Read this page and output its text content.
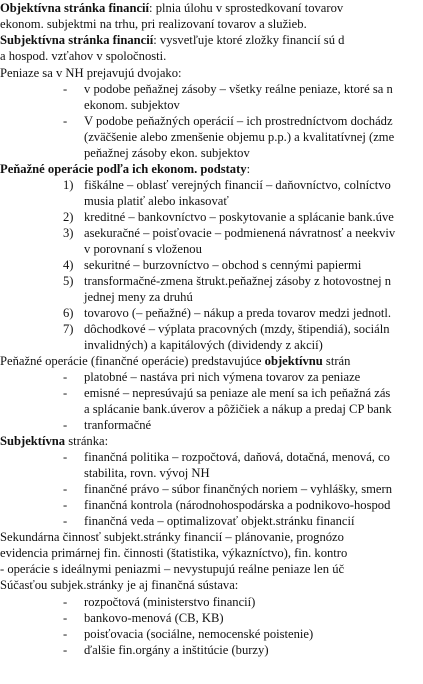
Objektívna stránka financií: plnia úlohu v sprostedkovaní tovarov
ekonom. subjektmi na trhu, pri realizovaní tovarov a služieb.
Subjektívna stránka financií: vysvetľuje ktoré zložky financií sú d
a hospod. vzťahov v spoločnosti.
Peniaze sa v NH prejavujú dvojako:
- v podobe peňažnej zásoby – všetky reálne peniaze, ktoré sa n
ekonom. subjektov
- V podobe peňažných operácií – ich prostredníctvom dochádz
(zväčšenie alebo zmenšenie objemu p.p.) a kvalitatívnej (zme
peňažnej zásoby ekon. subjektov
Peňažné operácie podľa ich ekonom. podstaty:
1) fiškálne – oblasť verejných financií – daňovníctvo, colníctvo
musia platiť alebo inkasovať
2) kreditné – bankovníctvo – poskytovanie a splácanie bank.úve
3) asekuračné – poisťovacie – podmienená návratnosť a neekviv
v porovnaní s vloženou
4) sekuritné – burzovníctvo – obchod s cennými papiermi
5) transformačné-zmena štrukt.peňažnej zásoby z hotovostnej n
jednej meny za druhú
6) tovarovo (– peňažné) – nákup a preda tovarov medzi jednotl.
7) dôchodkové – výplata pracovných (mzdy, štipendiá), sociáln
invalidných) a kapitálových (dividendy z akcií)
Peňažné operácie (finančné operácie) predstavujúce objektívnu strán
- platobné – nastáva pri nich výmena tovarov za peniaze
- emisné – nepresúvajú sa peniaze ale mení sa ich peňažná zás
a splácanie bank.úverov a pôžičiek a nákup a predaj CP bank
- tranformačné
Subjektívna stránka:
- finančná politika – rozpočtová, daňová, dotačná, menová, co
stabilita, rovn. vývoj NH
- finančné právo – súbor finančných noriem – vyhlášky, smern
- finančná kontrola (národnohospodárska a podnikovo-hospod
- finančná veda – optimalizovať objekt.stránku financií
Sekundárna činnosť subjekt.stránky financií – plánovanie, prognózo
evidencia primárnej fin. činnosti (štatistika, výkazníctvo), fin. kontro
- operácie s ideálnymi peniazmi – nevystupujú reálne peniaze len úč
Súčasťou subjek.stránky je aj finančná sústava:
- rozpočtová (ministerstvo financií)
- bankovo-menová (CB, KB)
- poisťovacia (sociálne, nemocenské poistenie)
- ďalšie fin.orgány a inštitúcie (burzy)
